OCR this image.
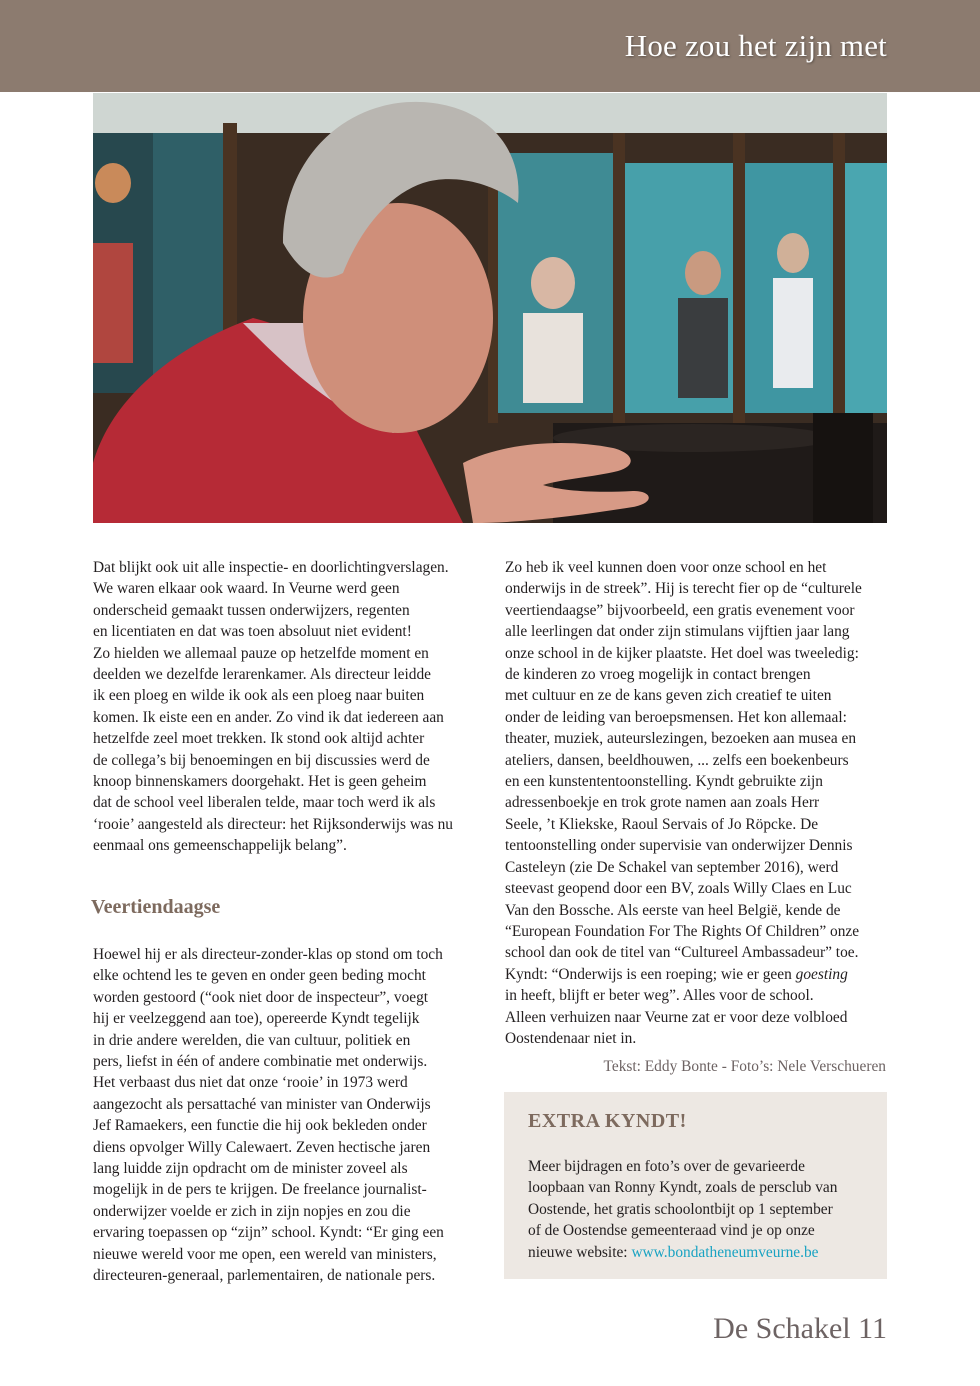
Hoe zou het zijn met
Dat blijkt ook uit alle inspectie- en doorlichtingverslagen.
We waren elkaar ook waard. In Veurne werd geen
onderscheid gemaakt tussen onderwijzers, regenten
en licentiaten en dat was toen absoluut niet evident!
Zo hielden we allemaal pauze op hetzelfde moment en
deelden we dezelfde lerarenkamer. Als directeur leidde
ik een ploeg en wilde ik ook als een ploeg naar buiten
komen. Ik eiste een en ander. Zo vind ik dat iedereen aan
hetzelfde zeel moet trekken. Ik stond ook altijd achter
de collega’s bij benoemingen en bij discussies werd de
knoop binnenskamers doorgehakt. Het is geen geheim
dat de school veel liberalen telde, maar toch werd ik als
‘rooie’ aangesteld als directeur: het Rijksonderwijs was nu
eenmaal ons gemeenschappelijk belang”.
Veertiendaagse
Hoewel hij er als directeur-zonder-klas op stond om toch
elke ochtend les te geven en onder geen beding mocht
worden gestoord (“ook niet door de inspecteur”, voegt
hij er veelzeggend aan toe), opereerde Kyndt tegelijk
in drie andere werelden, die van cultuur, politiek en
pers, liefst in één of andere combinatie met onderwijs.
Het verbaast dus niet dat onze ‘rooie’ in 1973 werd
aangezocht als persattaché van minister van Onderwijs
Jef Ramaekers, een functie die hij ook bekleden onder
diens opvolger Willy Calewaert. Zeven hectische jaren
lang luidde zijn opdracht om de minister zoveel als
mogelijk in de pers te krijgen. De freelance journalist-
onderwijzer voelde er zich in zijn nopjes en zou die
ervaring toepassen op “zijn” school. Kyndt: “Er ging een
nieuwe wereld voor me open, een wereld van ministers,
directeuren-generaal, parlementairen, de nationale pers.
Zo heb ik veel kunnen doen voor onze school en het
onderwijs in de streek”. Hij is terecht fier op de “culturele
veertiendaagse” bijvoorbeeld, een gratis evenement voor
alle leerlingen dat onder zijn stimulans vijftien jaar lang
onze school in de kijker plaatste. Het doel was tweeledig:
de kinderen zo vroeg mogelijk in contact brengen
met cultuur en ze de kans geven zich creatief te uiten
onder de leiding van beroepsmensen. Het kon allemaal:
theater, muziek, auteurslezingen, bezoeken aan musea en
ateliers, dansen, beeldhouwen, ... zelfs een boekenbeurs
en een kunstententoonstelling. Kyndt gebruikte zijn
adressenboekje en trok grote namen aan zoals Herr
Seele, ’t Kliekske, Raoul Servais of Jo Röpcke. De
tentoonstelling onder supervisie van onderwijzer Dennis
Casteleyn (zie De Schakel van september 2016), werd
steevast geopend door een BV, zoals Willy Claes en Luc
Van den Bossche. Als eerste van heel België, kende de
“European Foundation For The Rights Of Children” onze
school dan ook de titel van “Cultureel Ambassadeur” toe.
Kyndt: “Onderwijs is een roeping; wie er geen goesting
in heeft, blijft er beter weg”. Alles voor de school.
Alleen verhuizen naar Veurne zat er voor deze volbloed
Oostendenaar niet in.
Tekst: Eddy Bonte - Foto’s: Nele Verschueren
EXTRA KYNDT!
Meer bijdragen en foto’s over de gevarieerde
loopbaan van Ronny Kyndt, zoals de persclub van
Oostende, het gratis schoolontbijt op 1 september
of de Oostendse gemeenteraad vind je op onze
nieuwe website: www.bondatheneumveurne.be
De Schakel 11
